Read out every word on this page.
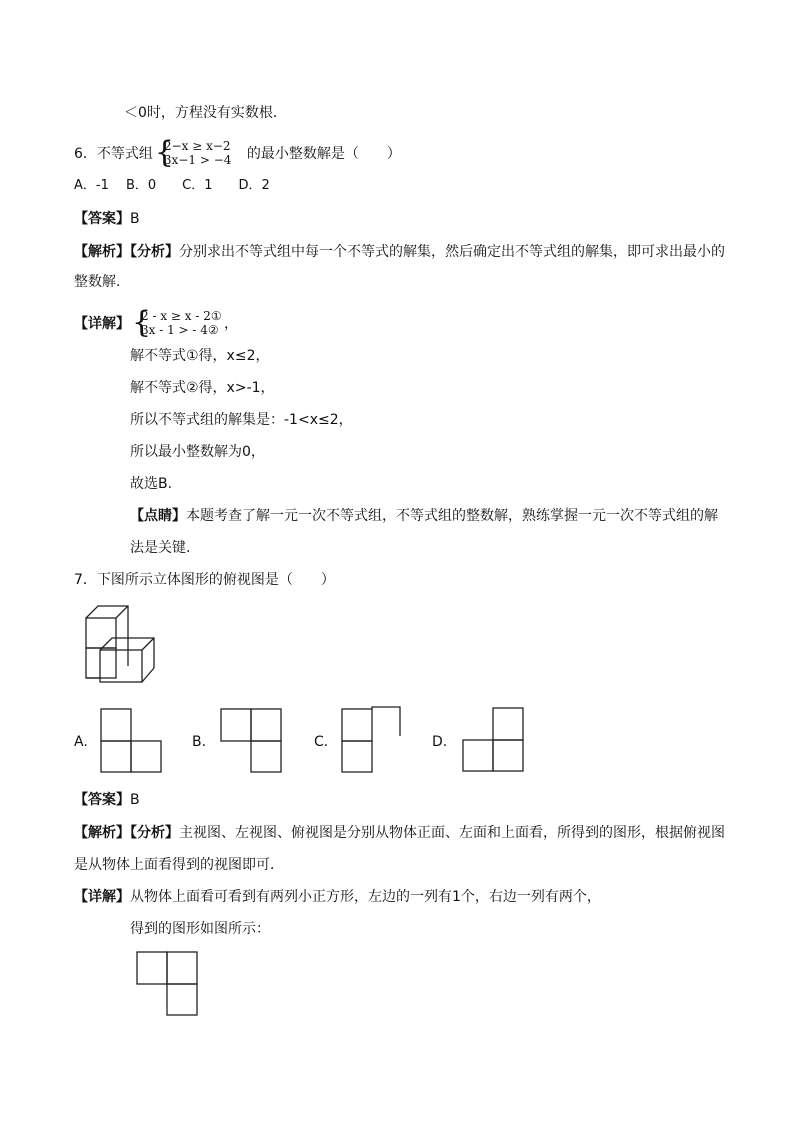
＜0时，方程没有实数根．
6．不等式组 {
2−x ≥ x−2
3x−1 > −4 的最小整数解是（　　）
A．-1　 B．0　　C．1　　D．2
【答案】B
【解析】【分析】分别求出不等式组中每一个不等式的解集，然后确定出不等式组的解集，即可求出最小的
整数解.
【详解】 {
2 - x ≥ x - 2①
3x - 1 > - 4② ，
解不等式①得，x≤2，
解不等式②得，x>-1，
所以不等式组的解集是：-1<x≤2，
所以最小整数解为0，
故选B.
【点睛】本题考查了解一元一次不等式组，不等式组的整数解，熟练掌握一元一次不等式组的解
法是关键.
7．下图所示立体图形的俯视图是（　　）
A.	B.	C.	D.
【答案】B
【解析】【分析】主视图、左视图、俯视图是分别从物体正面、左面和上面看，所得到的图形，根据俯视图
是从物体上面看得到的视图即可．
【详解】从物体上面看可看到有两列小正方形，左边的一列有1个，右边一列有两个，
得到的图形如图所示：
